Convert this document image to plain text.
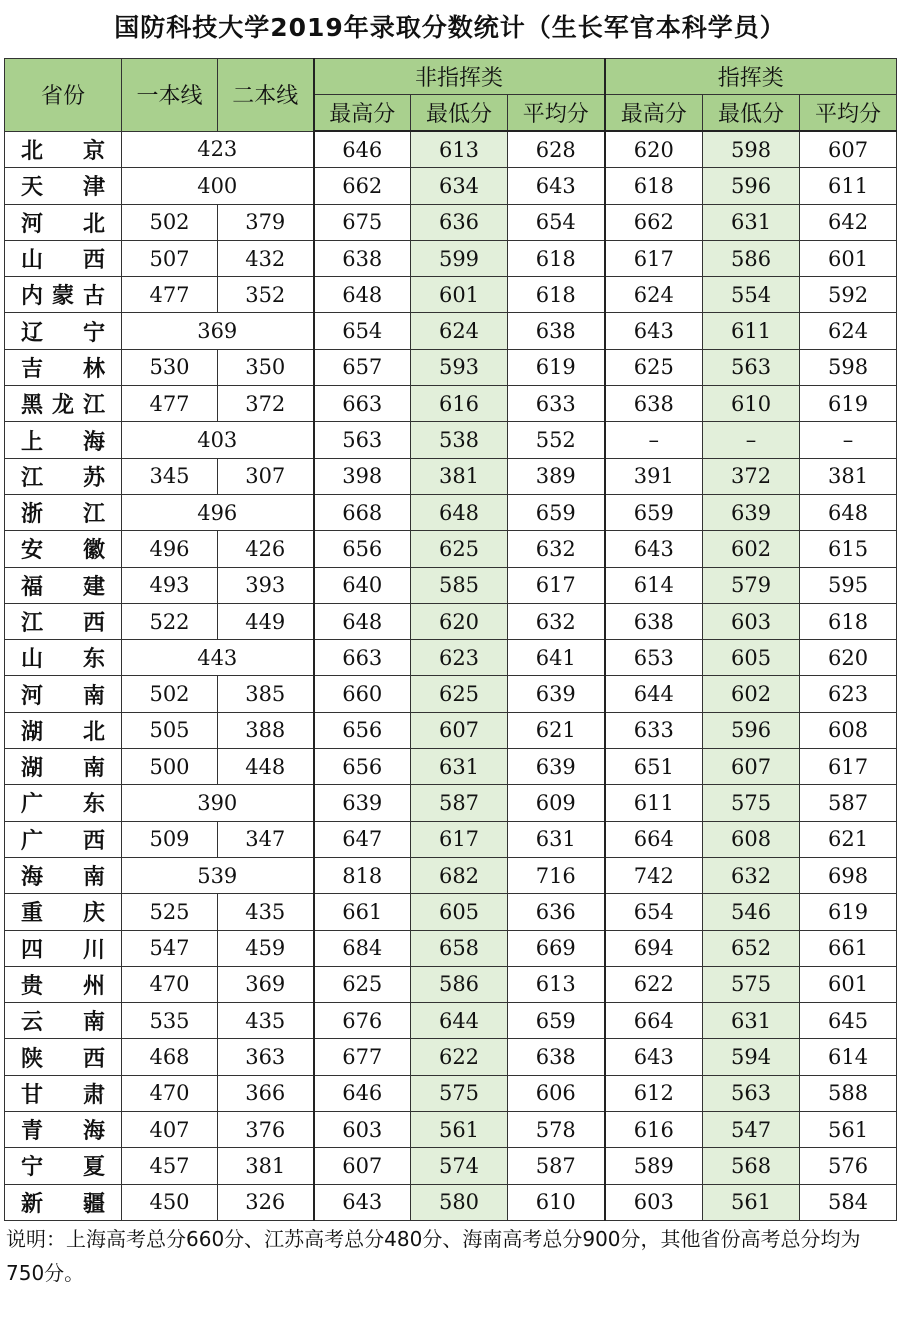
国防科技大学2019年录取分数统计（生长军官本科学员）
省份	一本线	二本线	非指挥类			指挥类		
			最高分	最低分	平均分	最高分	最低分	平均分
北京	423		646	613	628	620	598	607
天津	400		662	634	643	618	596	611
河北	502	379	675	636	654	662	631	642
山西	507	432	638	599	618	617	586	601
内蒙古	477	352	648	601	618	624	554	592
辽宁	369		654	624	638	643	611	624
吉林	530	350	657	593	619	625	563	598
黑龙江	477	372	663	616	633	638	610	619
上海	403		563	538	552	–	–	–
江苏	345	307	398	381	389	391	372	381
浙江	496		668	648	659	659	639	648
安徽	496	426	656	625	632	643	602	615
福建	493	393	640	585	617	614	579	595
江西	522	449	648	620	632	638	603	618
山东	443		663	623	641	653	605	620
河南	502	385	660	625	639	644	602	623
湖北	505	388	656	607	621	633	596	608
湖南	500	448	656	631	639	651	607	617
广东	390		639	587	609	611	575	587
广西	509	347	647	617	631	664	608	621
海南	539		818	682	716	742	632	698
重庆	525	435	661	605	636	654	546	619
四川	547	459	684	658	669	694	652	661
贵州	470	369	625	586	613	622	575	601
云南	535	435	676	644	659	664	631	645
陕西	468	363	677	622	638	643	594	614
甘肃	470	366	646	575	606	612	563	588
青海	407	376	603	561	578	616	547	561
宁夏	457	381	607	574	587	589	568	576
新疆	450	326	643	580	610	603	561	584
说明：上海高考总分660分、江苏高考总分480分、海南高考总分900分，其他省份高考总分均为750分。
